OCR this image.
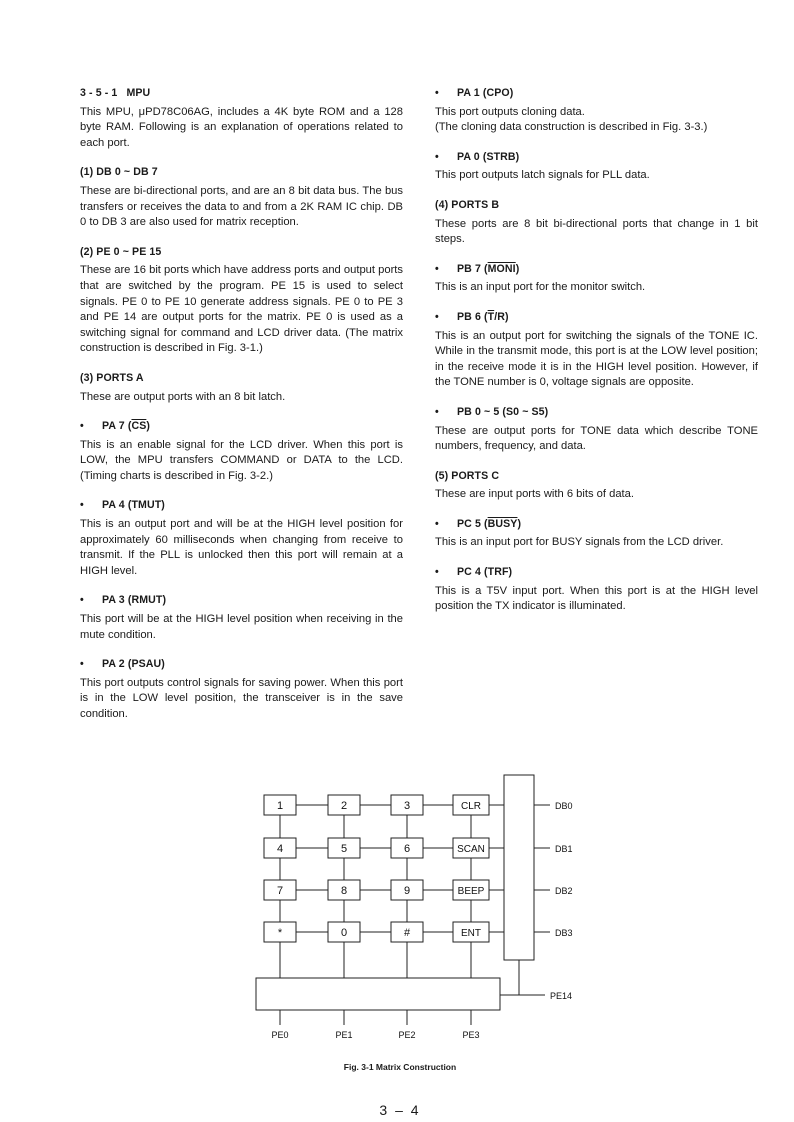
3 - 5 - 1 MPU

This MPU, μPD78C06AG, includes a 4K byte ROM and a 128 byte RAM. Following is an explanation of operations related to each port.

(1) DB 0 ~ DB 7

These are bi-directional ports, and are an 8 bit data bus. The bus transfers or receives the data to and from a 2K RAM IC chip. DB 0 to DB 3 are also used for matrix reception.

(2) PE 0 ~ PE 15

These are 16 bit ports which have address ports and output ports that are switched by the program. PE 15 is used to select signals. PE 0 to PE 10 generate address signals. PE 0 to PE 3 and PE 14 are output ports for the matrix. PE 0 is used as a switching signal for command and LCD driver data. (The matrix construction is described in Fig. 3-1.)

(3) PORTS A

These are output ports with an 8 bit latch.

• PA 7 $(\overline{CS})$

This is an enable signal for the LCD driver. When this port is LOW, the MPU transfers COMMAND or DATA to the LCD. (Timing charts is described in Fig. 3-2.)

• PA 4 (TMUT)

This is an output port and will be at the HIGH level position for approximately 60 milliseconds when changing from receive to transmit. If the PLL is unlocked then this port will remain at a HIGH level.

• PA 3 (RMUT)

This port will be at the HIGH level position when receiving in the mute condition.

• PA 2 (PSAU)

This port outputs control signals for saving power. When this port is in the LOW level position, the transceiver is in the save condition.

• PA 1 (CPO)

This port outputs cloning data.

(The cloning data construction is described in Fig. 3-3.)

• PA 0 (STRB)

This port outputs latch signals for PLL data.

(4) PORTS B

These ports are 8 bit bi-directional ports that change in 1 bit steps.

• PB 7 (MONI)

This is an input port for the monitor switch.

• PB 6 $(\overline{T}/R)$

This is an output port for switching the signals of the TONE IC. While in the transmit mode, this port is at the LOW level position; in the receive mode it is in the HIGH level position. However, if the TONE number is 0, voltage signals are opposite.

• PB 0 ~ 5 (S0 ~ S5)

These are output ports for TONE data which describe TONE numbers, frequency, and data.

(5) PORTS C

These are input ports with 6 bits of data.

• PC 5 (BUSY)

This is an input port for BUSY signals from the LCD driver.

• PC 4 (TRF)

This is a T5V input port. When this port is at the HIGH level position the TX indicator is illuminated.

1	2	3	CLR
4	5	6	SCAN
7	8	9	BEEP
*	0	#	ENT
DB0
DB1
DB2
DB3
PE14
PE0	PE1	PE2	PE3
Fig. 3-1 Matrix Construction
3 – 4
